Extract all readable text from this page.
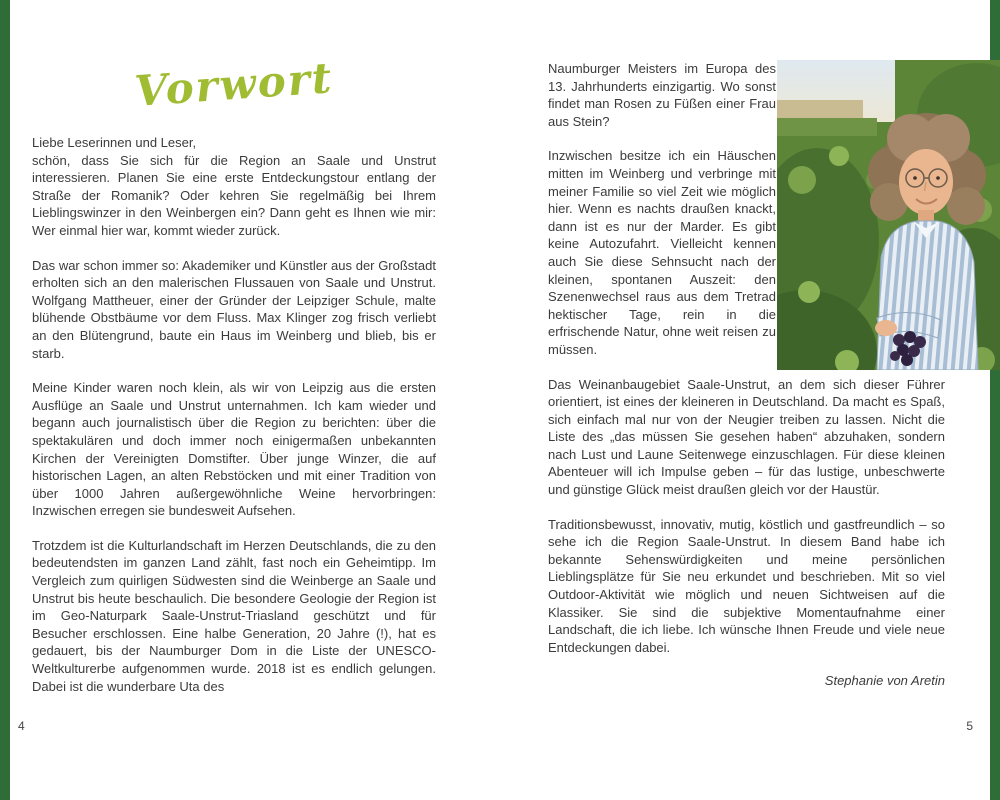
Vorwort
Liebe Leserinnen und Leser,

schön, dass Sie sich für die Region an Saale und Unstrut interessieren. Planen Sie eine erste Entdeckungstour entlang der Straße der Romanik? Oder kehren Sie regelmäßig bei Ihrem Lieblingswinzer in den Weinbergen ein? Dann geht es Ihnen wie mir: Wer einmal hier war, kommt wieder zurück.

Das war schon immer so: Akademiker und Künstler aus der Großstadt erholten sich an den malerischen Flussauen von Saale und Unstrut. Wolfgang Mattheuer, einer der Gründer der Leipziger Schule, malte blühende Obstbäume vor dem Fluss. Max Klinger zog frisch verliebt an den Blütengrund, baute ein Haus im Weinberg und blieb, bis er starb.

Meine Kinder waren noch klein, als wir von Leipzig aus die ersten Ausflüge an Saale und Unstrut unternahmen. Ich kam wieder und begann auch journalistisch über die Region zu berichten: über die spektakulären und doch immer noch einigermaßen unbekannten Kirchen der Vereinigten Domstifter. Über junge Winzer, die auf historischen Lagen, an alten Rebstöcken und mit einer Tradition von über 1000 Jahren außergewöhnliche Weine hervorbringen: Inzwischen erregen sie bundesweit Aufsehen.

Trotzdem ist die Kulturlandschaft im Herzen Deutschlands, die zu den bedeutendsten im ganzen Land zählt, fast noch ein Geheimtipp. Im Vergleich zum quirligen Südwesten sind die Weinberge an Saale und Unstrut bis heute beschaulich. Die besondere Geologie der Region ist im Geo-Naturpark Saale-Unstrut-Triasland geschützt und für Besucher erschlossen. Eine halbe Generation, 20 Jahre (!), hat es gedauert, bis der Naumburger Dom in die Liste der UNESCO-Weltkulturerbe aufgenommen wurde. 2018 ist es endlich gelungen. Dabei ist die wunderbare Uta des

Naumburger Meisters im Europa des 13. Jahrhunderts einzigartig. Wo sonst findet man Rosen zu Füßen einer Frau aus Stein?

Inzwischen besitze ich ein Häuschen mitten im Weinberg und verbringe mit meiner Familie so viel Zeit wie möglich hier. Wenn es nachts draußen knackt, dann ist es nur der Marder. Es gibt keine Autozufahrt. Vielleicht kennen auch Sie diese Sehnsucht nach der kleinen, spontanen Auszeit: den Szenenwechsel raus aus dem Tretrad hektischer Tage, rein in die erfrischende Natur, ohne weit reisen zu müssen.

Das Weinanbaugebiet Saale-Unstrut, an dem sich dieser Führer orientiert, ist eines der kleineren in Deutschland. Da macht es Spaß, sich einfach mal nur von der Neugier treiben zu lassen. Nicht die Liste des „das müssen Sie gesehen haben“ abzuhaken, sondern nach Lust und Laune Seitenwege einzuschlagen. Für diese kleinen Abenteuer will ich Impulse geben – für das lustige, unbeschwerte und günstige Glück meist draußen gleich vor der Haustür.

Traditionsbewusst, innovativ, mutig, köstlich und gastfreundlich – so sehe ich die Region Saale-Unstrut. In diesem Band habe ich bekannte Sehenswürdigkeiten und meine persönlichen Lieblingsplätze für Sie neu erkundet und beschrieben. Mit so viel Outdoor-Aktivität wie möglich und neuen Sichtweisen auf die Klassiker. Sie sind die subjektive Momentaufnahme einer Landschaft, die ich liebe. Ich wünsche Ihnen Freude und viele neue Entdeckungen dabei.

Stephanie von Aretin
4	5
